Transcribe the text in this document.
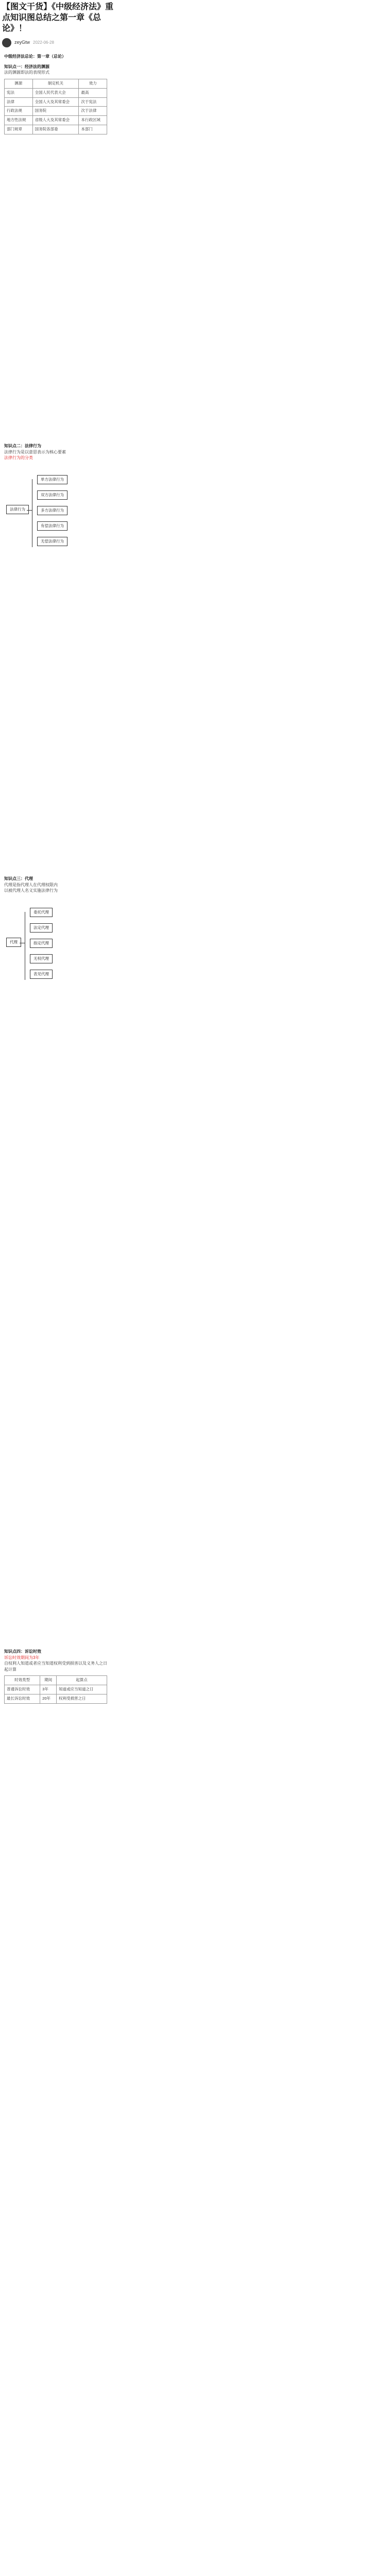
【图文干货】《中级经济法》重点知识图总结之第一章《总论》！
zeyGtw 2022-06-28
中级经济法总论：第一章（总论）
知识点一：经济法的渊源
法的渊源即法的表现形式
渊源	制定机关	效力
宪法	全国人民代表大会	最高
法律	全国人大及其常委会	次于宪法
行政法规	国务院	次于法律
地方性法规	省级人大及其常委会	本行政区域
部门规章	国务院各部委	本部门
知识点二：法律行为
法律行为是以意思表示为核心要素
法律行为的分类
法律行为
单方法律行为
双方法律行为
多方法律行为
有偿法律行为
无偿法律行为
知识点三：代理
代理是指代理人在代理权限内
以被代理人名义实施法律行为
代理
委托代理
法定代理
指定代理
无权代理
表见代理
知识点四：诉讼时效
诉讼时效期间为3年
自权利人知道或者应当知道权利受到损害以及义务人之日起计算
时效类型	期间	起算点
普通诉讼时效	3年	知道或应当知道之日
最长诉讼时效	20年	权利受损害之日
